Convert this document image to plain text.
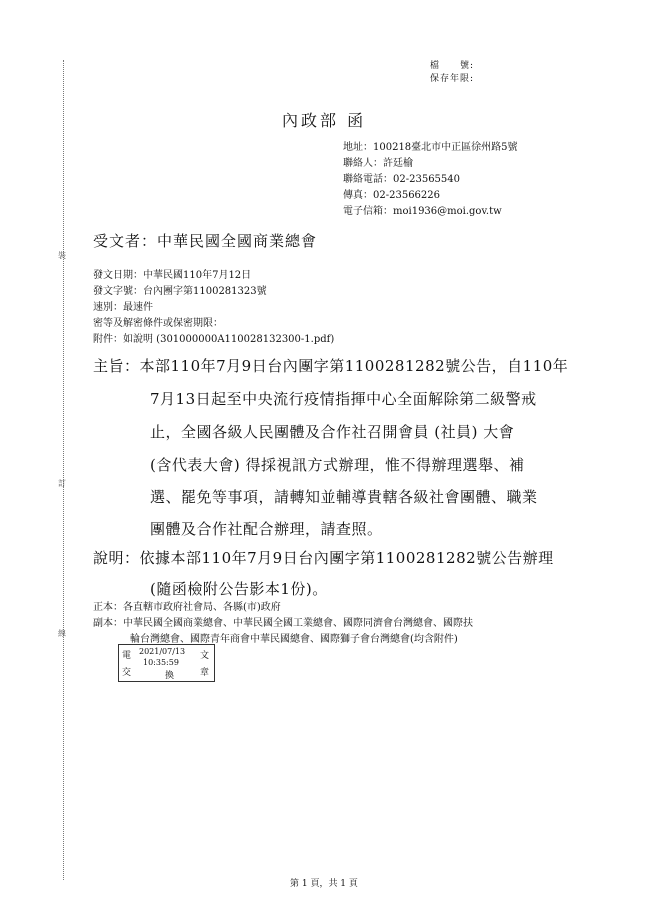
裝
訂
線
檔　　號:
保存年限:
內政部 函
地址：100218臺北市中正區徐州路5號
聯絡人：許廷榆
聯絡電話：02-23565540
傳真：02-23566226
電子信箱：moi1936@moi.gov.tw
受文者：中華民國全國商業總會
發文日期：中華民國110年7月12日
發文字號：台內團字第1100281323號
速別：最速件
密等及解密條件或保密期限：
附件：如說明 (301000000A110028132300-1.pdf)
主旨：本部110年7月9日台內團字第1100281282號公告，自110年
7月13日起至中央流行疫情指揮中心全面解除第二級警戒
止，全國各級人民團體及合作社召開會員 (社員) 大會
(含代表大會) 得採視訊方式辦理，惟不得辦理選舉、補
選、罷免等事項，請轉知並輔導貴轄各級社會團體、職業
團體及合作社配合辦理，請查照。
說明：依據本部110年7月9日台內團字第1100281282號公告辦理
(隨函檢附公告影本1份)。
正本：各直轄市政府社會局、各縣(市)政府
副本：中華民國全國商業總會、中華民國全國工業總會、國際同濟會台灣總會、國際扶
輪台灣總會、國際青年商會中華民國總會、國際獅子會台灣總會(均含附件)
電
交
2021/07/13
10:35:59
文
章
換
第 1 頁，共 1 頁
